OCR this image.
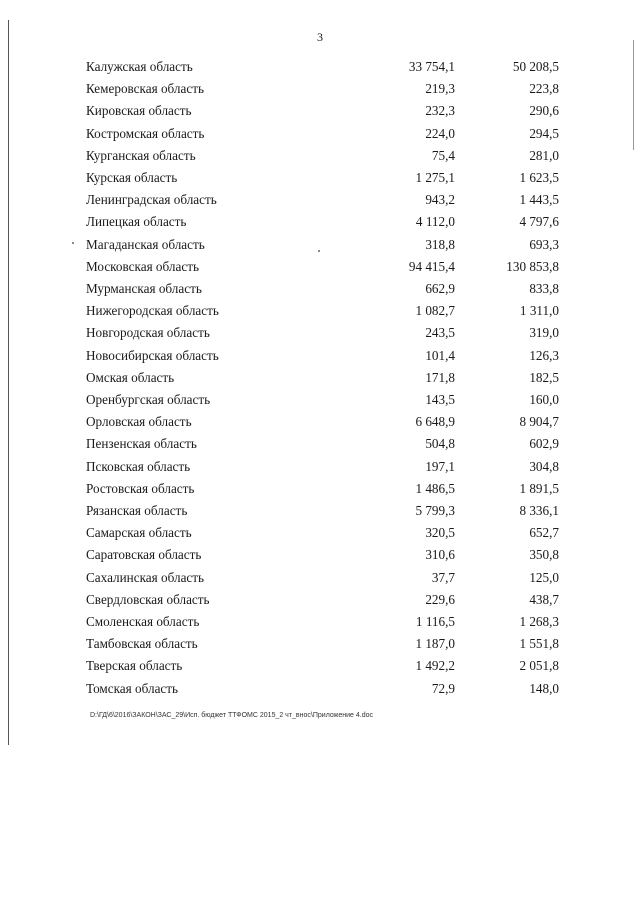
3
Калужская область	33 754,1	50 208,5
Кемеровская область	219,3	223,8
Кировская область	232,3	290,6
Костромская область	224,0	294,5
Курганская область	75,4	281,0
Курская область	1 275,1	1 623,5
Ленинградская область	943,2	1 443,5
Липецкая область	4 112,0	4 797,6
Магаданская область	318,8	693,3
Московская область	94 415,4	130 853,8
Мурманская область	662,9	833,8
Нижегородская область	1 082,7	1 311,0
Новгородская область	243,5	319,0
Новосибирская область	101,4	126,3
Омская область	171,8	182,5
Оренбургская область	143,5	160,0
Орловская область	6 648,9	8 904,7
Пензенская область	504,8	602,9
Псковская область	197,1	304,8
Ростовская область	1 486,5	1 891,5
Рязанская область	5 799,3	8 336,1
Самарская область	320,5	652,7
Саратовская область	310,6	350,8
Сахалинская область	37,7	125,0
Свердловская область	229,6	438,7
Смоленская область	1 116,5	1 268,3
Тамбовская область	1 187,0	1 551,8
Тверская область	1 492,2	2 051,8
Томская область	72,9	148,0
D:\ГД\6\2016\ЗАКОН\ЗАС_29\Исп. бюджет ТТФОМС 2015_2 чт_внос\Приложение 4.doc
